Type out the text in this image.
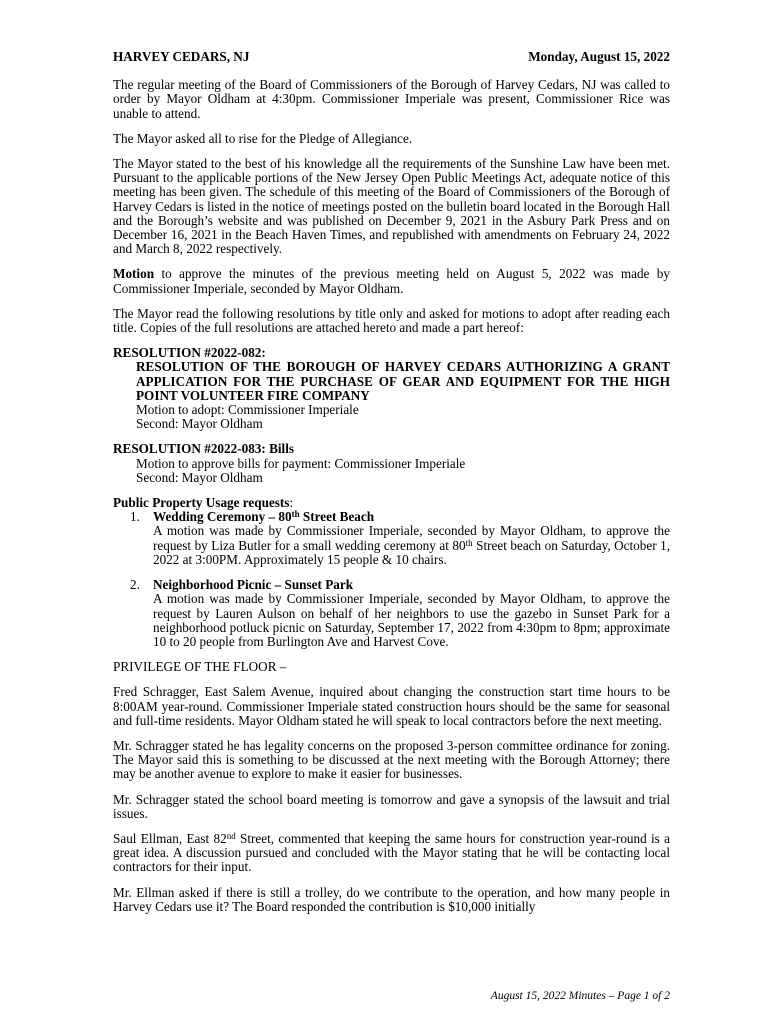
HARVEY CEDARS, NJ	Monday, August 15, 2022

The regular meeting of the Board of Commissioners of the Borough of Harvey Cedars, NJ was called to order by Mayor Oldham at 4:30pm. Commissioner Imperiale was present, Commissioner Rice was unable to attend.

The Mayor asked all to rise for the Pledge of Allegiance.

The Mayor stated to the best of his knowledge all the requirements of the Sunshine Law have been met. Pursuant to the applicable portions of the New Jersey Open Public Meetings Act, adequate notice of this meeting has been given. The schedule of this meeting of the Board of Commissioners of the Borough of Harvey Cedars is listed in the notice of meetings posted on the bulletin board located in the Borough Hall and the Borough’s website and was published on December 9, 2021 in the Asbury Park Press and on December 16, 2021 in the Beach Haven Times, and republished with amendments on February 24, 2022 and March 8, 2022 respectively.

Motion to approve the minutes of the previous meeting held on August 5, 2022 was made by Commissioner Imperiale, seconded by Mayor Oldham.

The Mayor read the following resolutions by title only and asked for motions to adopt after reading each title. Copies of the full resolutions are attached hereto and made a part hereof:

RESOLUTION #2022-082:

RESOLUTION OF THE BOROUGH OF HARVEY CEDARS AUTHORIZING A GRANT APPLICATION FOR THE PURCHASE OF GEAR AND EQUIPMENT FOR THE HIGH POINT VOLUNTEER FIRE COMPANY

Motion to adopt: Commissioner Imperiale

Second: Mayor Oldham

RESOLUTION #2022-083: Bills

Motion to approve bills for payment: Commissioner Imperiale

Second: Mayor Oldham

Public Property Usage requests:
1. Wedding Ceremony – 80th Street Beach

A motion was made by Commissioner Imperiale, seconded by Mayor Oldham, to approve the request by Liza Butler for a small wedding ceremony at 80th Street beach on Saturday, October 1, 2022 at 3:00PM. Approximately 15 people & 10 chairs.

2. Neighborhood Picnic – Sunset Park

A motion was made by Commissioner Imperiale, seconded by Mayor Oldham, to approve the request by Lauren Aulson on behalf of her neighbors to use the gazebo in Sunset Park for a neighborhood potluck picnic on Saturday, September 17, 2022 from 4:30pm to 8pm; approximate 10 to 20 people from Burlington Ave and Harvest Cove.

PRIVILEGE OF THE FLOOR –

Fred Schragger, East Salem Avenue, inquired about changing the construction start time hours to be 8:00AM year-round. Commissioner Imperiale stated construction hours should be the same for seasonal and full-time residents. Mayor Oldham stated he will speak to local contractors before the next meeting.

Mr. Schragger stated he has legality concerns on the proposed 3-person committee ordinance for zoning. The Mayor said this is something to be discussed at the next meeting with the Borough Attorney; there may be another avenue to explore to make it easier for businesses.

Mr. Schragger stated the school board meeting is tomorrow and gave a synopsis of the lawsuit and trial issues.

Saul Ellman, East 82nd Street, commented that keeping the same hours for construction year-round is a great idea. A discussion pursued and concluded with the Mayor stating that he will be contacting local contractors for their input.

Mr. Ellman asked if there is still a trolley, do we contribute to the operation, and how many people in Harvey Cedars use it? The Board responded the contribution is $10,000 initially

August 15, 2022 Minutes – Page 1 of 2
